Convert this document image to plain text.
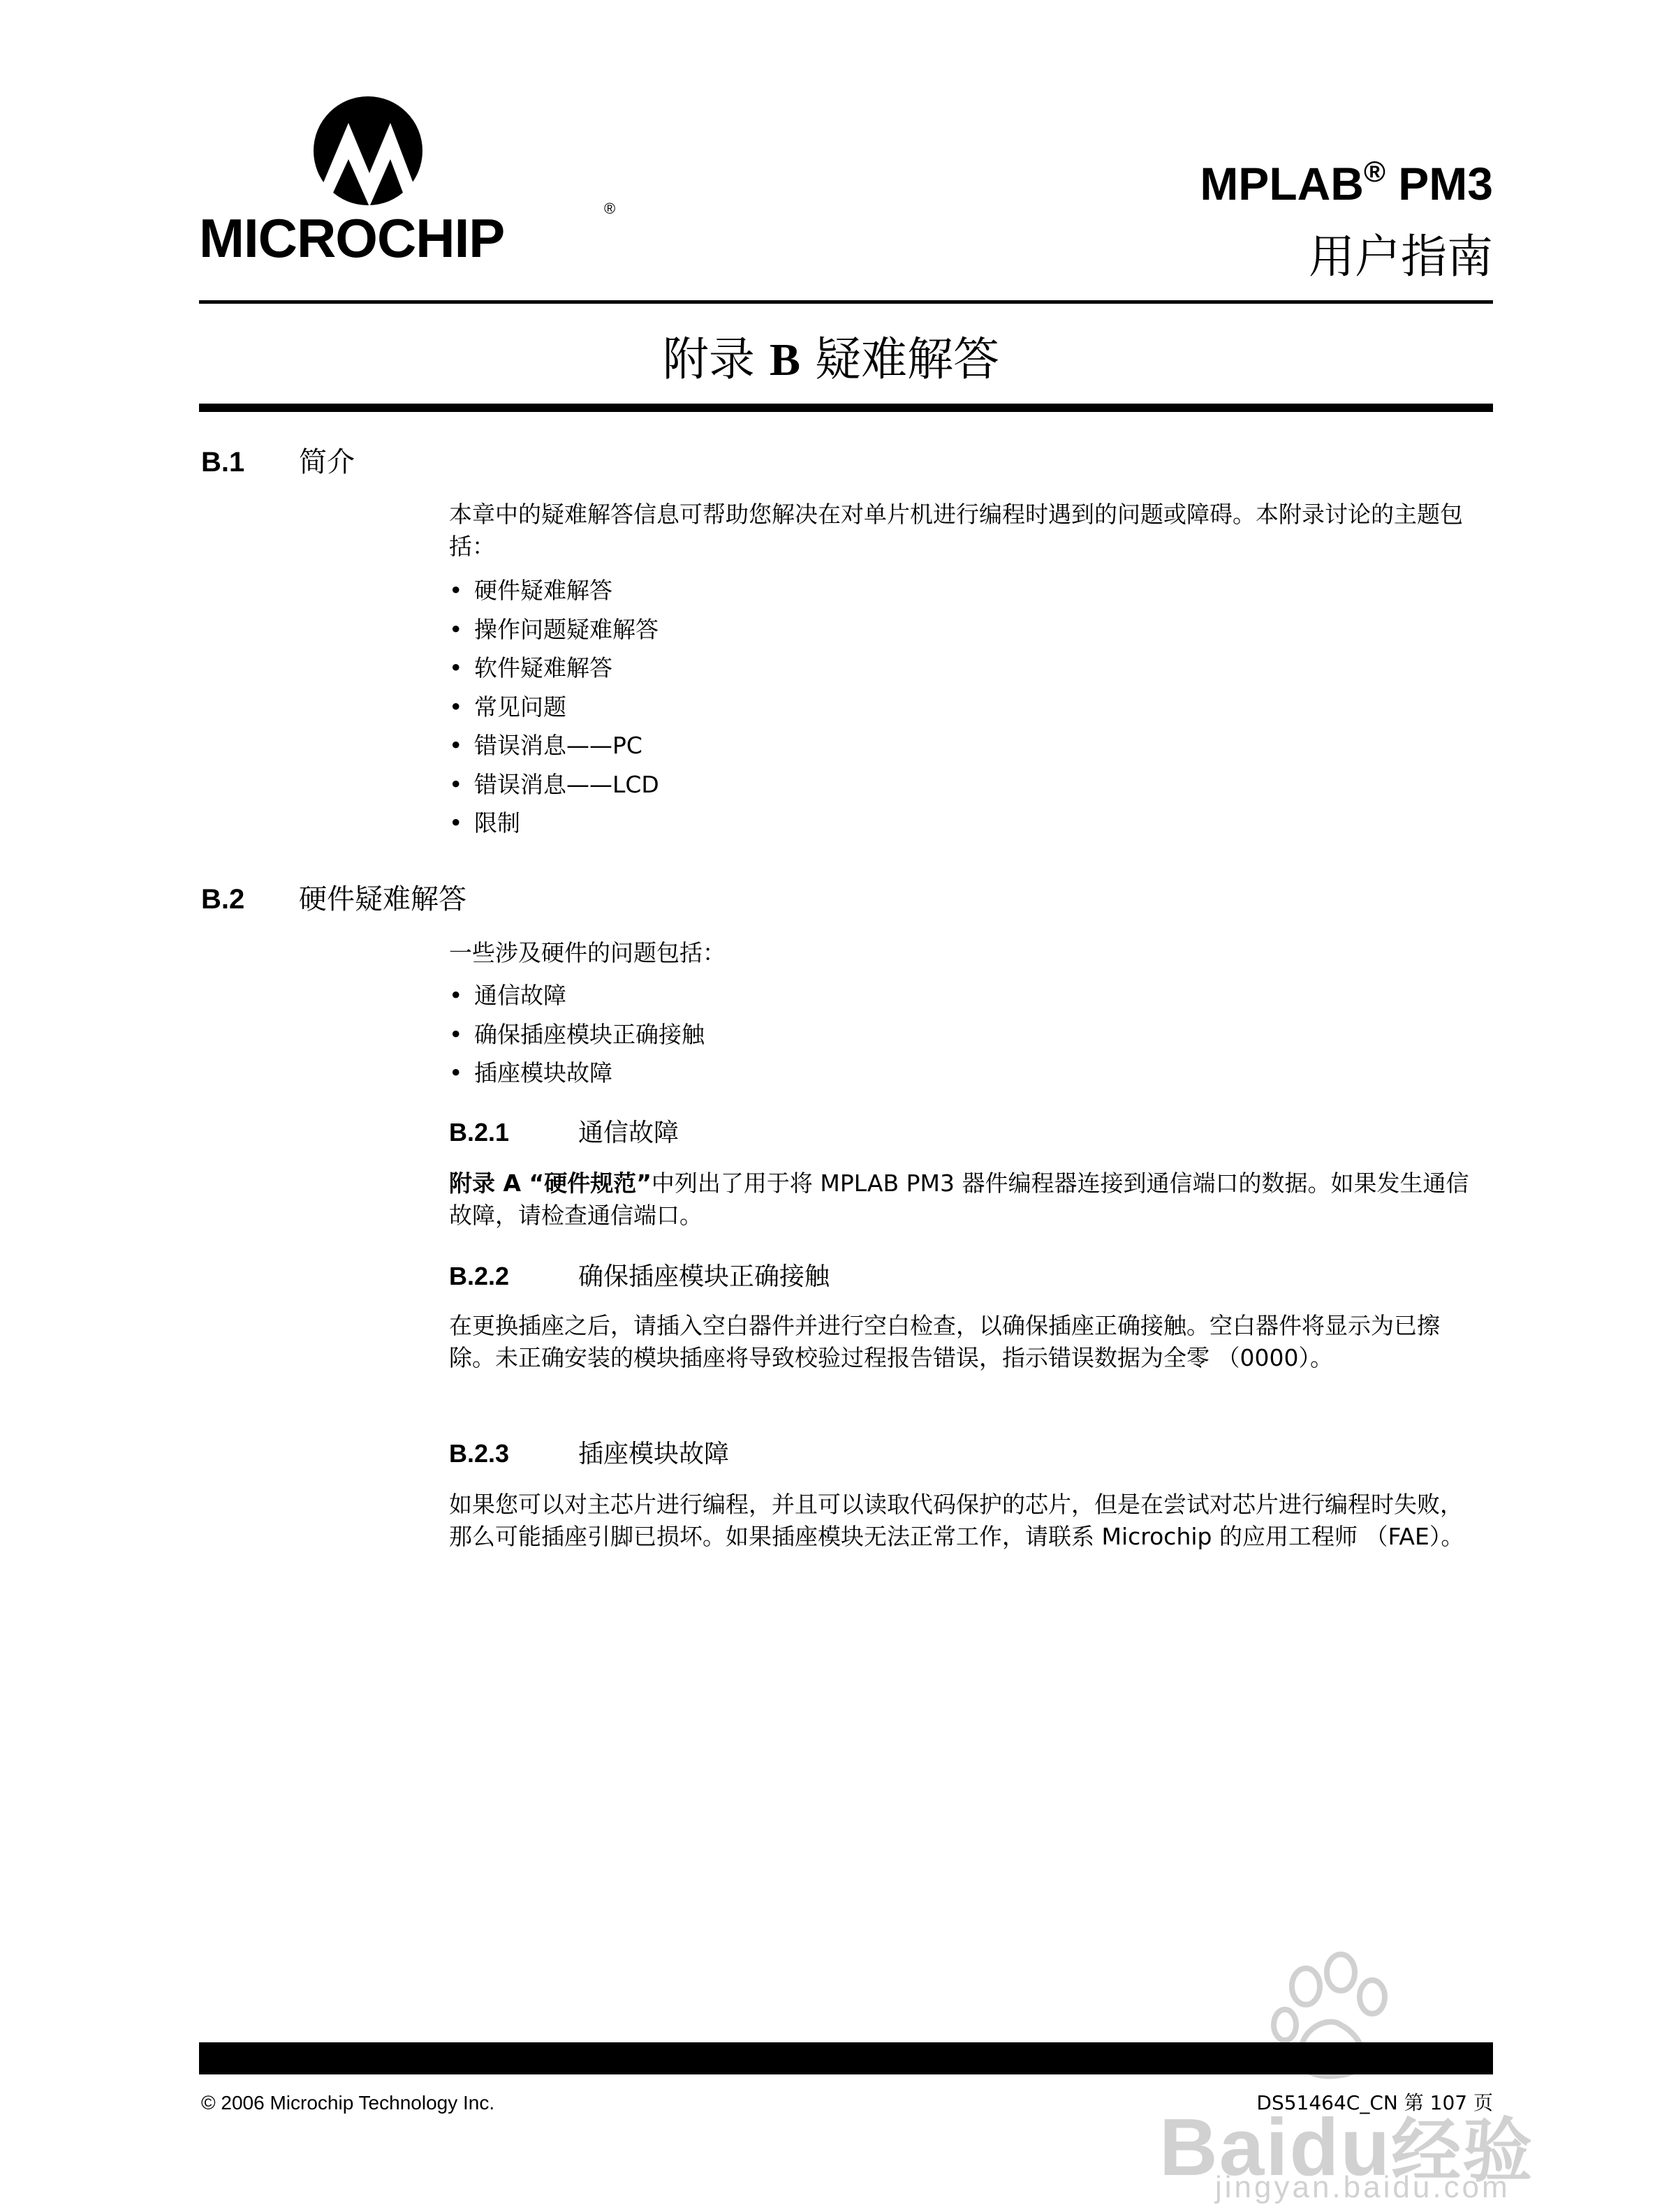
®
MICROCHIP
MPLAB® PM3
用户指南
附录 B 疑难解答
B.1 简介

本章中的疑难解答信息可帮助您解决在对单片机进行编程时遇到的问题或障碍。本附录讨论的主题包括：

• 硬件疑难解答
• 操作问题疑难解答
• 软件疑难解答
• 常见问题
• 错误消息——PC
• 错误消息——LCD
• 限制
B.2 硬件疑难解答

一些涉及硬件的问题包括：

• 通信故障
• 确保插座模块正确接触
• 插座模块故障
B.2.1	通信故障

附录 A “硬件规范”中列出了用于将 MPLAB PM3 器件编程器连接到通信端口的数据。如果发生通信故障，请检查通信端口。

B.2.2	确保插座模块正确接触

在更换插座之后，请插入空白器件并进行空白检查，以确保插座正确接触。空白器件将显示为已擦除。未正确安装的模块插座将导致校验过程报告错误，指示错误数据为全零 （0000）。

B.2.3	插座模块故障

如果您可以对主芯片进行编程，并且可以读取代码保护的芯片，但是在尝试对芯片进行编程时失败，那么可能插座引脚已损坏。如果插座模块无法正常工作，请联系 Microchip 的应用工程师 （FAE）。

Baidu经验
jingyan.baidu.com
© 2006 Microchip Technology Inc.	DS51464C_CN 第 107 页
